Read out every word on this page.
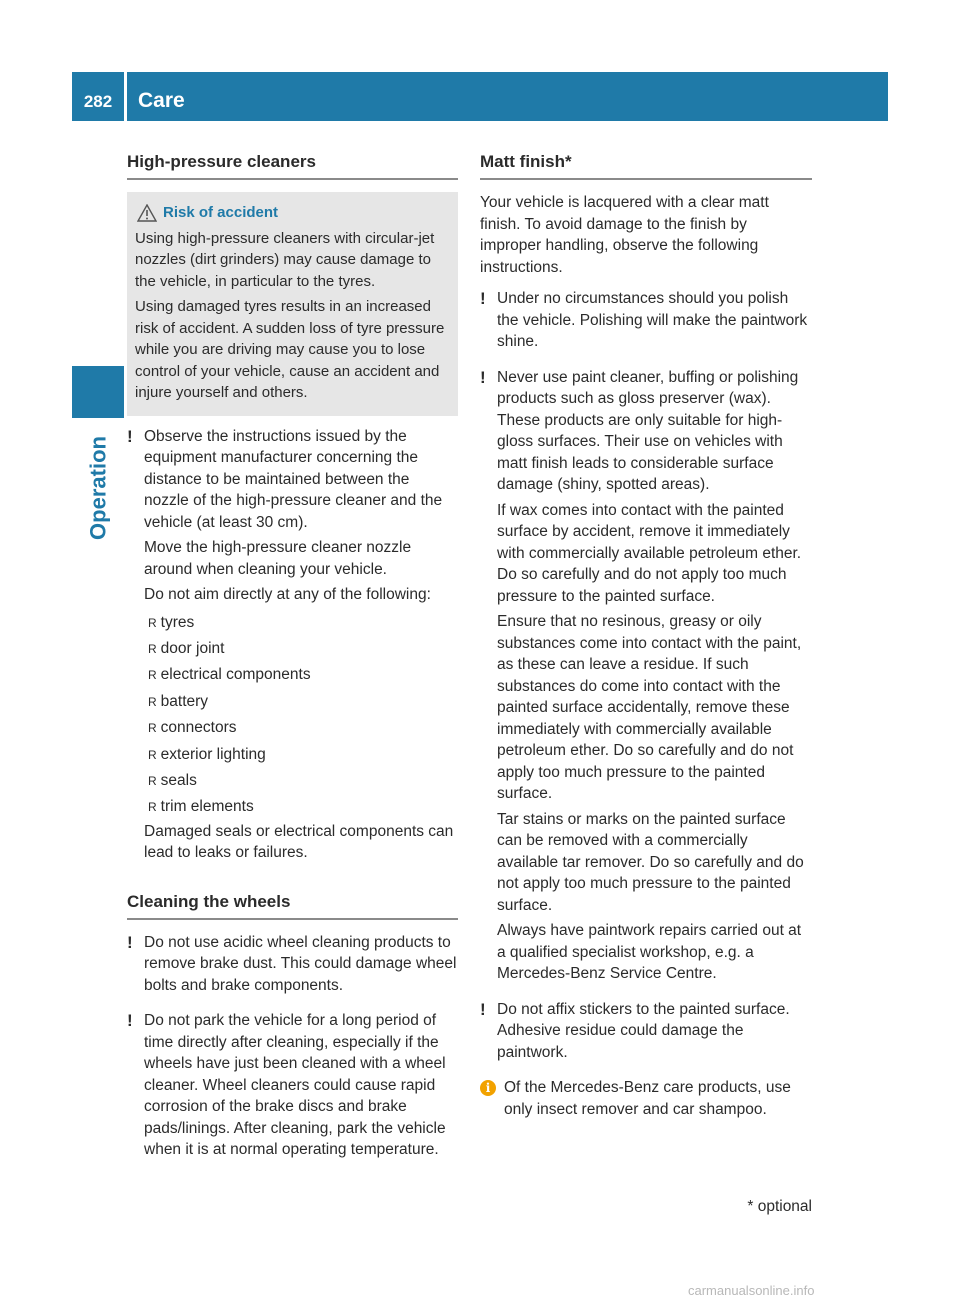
282	Care
Operation
High-pressure cleaners
Risk of accident

Using high-pressure cleaners with circular-jet nozzles (dirt grinders) may cause damage to the vehicle, in particular to the tyres.

Using damaged tyres results in an increased risk of accident. A sudden loss of tyre pressure while you are driving may cause you to lose control of your vehicle, cause an accident and injure yourself and others.

! Observe the instructions issued by the equipment manufacturer concerning the distance to be maintained between the nozzle of the high-pressure cleaner and the vehicle (at least 30 cm).

Move the high-pressure cleaner nozzle around when cleaning your vehicle.

Do not aim directly at any of the following:

R tyres
R door joint
R electrical components
R battery
R connectors
R exterior lighting
R seals
R trim elements

Damaged seals or electrical components can lead to leaks or failures.

Cleaning the wheels
! Do not use acidic wheel cleaning products to remove brake dust. This could damage wheel bolts and brake components.

! Do not park the vehicle for a long period of time directly after cleaning, especially if the wheels have just been cleaned with a wheel cleaner. Wheel cleaners could cause rapid corrosion of the brake discs and brake pads/linings. After cleaning, park the vehicle when it is at normal operating temperature.

Matt finish*

Your vehicle is lacquered with a clear matt finish. To avoid damage to the finish by improper handling, observe the following instructions.

! Under no circumstances should you polish the vehicle. Polishing will make the paintwork shine.

! Never use paint cleaner, buffing or polishing products such as gloss preserver (wax). These products are only suitable for high-gloss surfaces. Their use on vehicles with matt finish leads to considerable surface damage (shiny, spotted areas).

If wax comes into contact with the painted surface by accident, remove it immediately with commercially available petroleum ether. Do so carefully and do not apply too much pressure to the painted surface.

Ensure that no resinous, greasy or oily substances come into contact with the paint, as these can leave a residue. If such substances do come into contact with the painted surface accidentally, remove these immediately with commercially available petroleum ether. Do so carefully and do not apply too much pressure to the painted surface.

Tar stains or marks on the painted surface can be removed with a commercially available tar remover. Do so carefully and do not apply too much pressure to the painted surface.

Always have paintwork repairs carried out at a qualified specialist workshop, e.g. a Mercedes-Benz Service Centre.

! Do not affix stickers to the painted surface. Adhesive residue could damage the paintwork.

i Of the Mercedes-Benz care products, use only insect remover and car shampoo.

* optional
carmanualsonline.info
